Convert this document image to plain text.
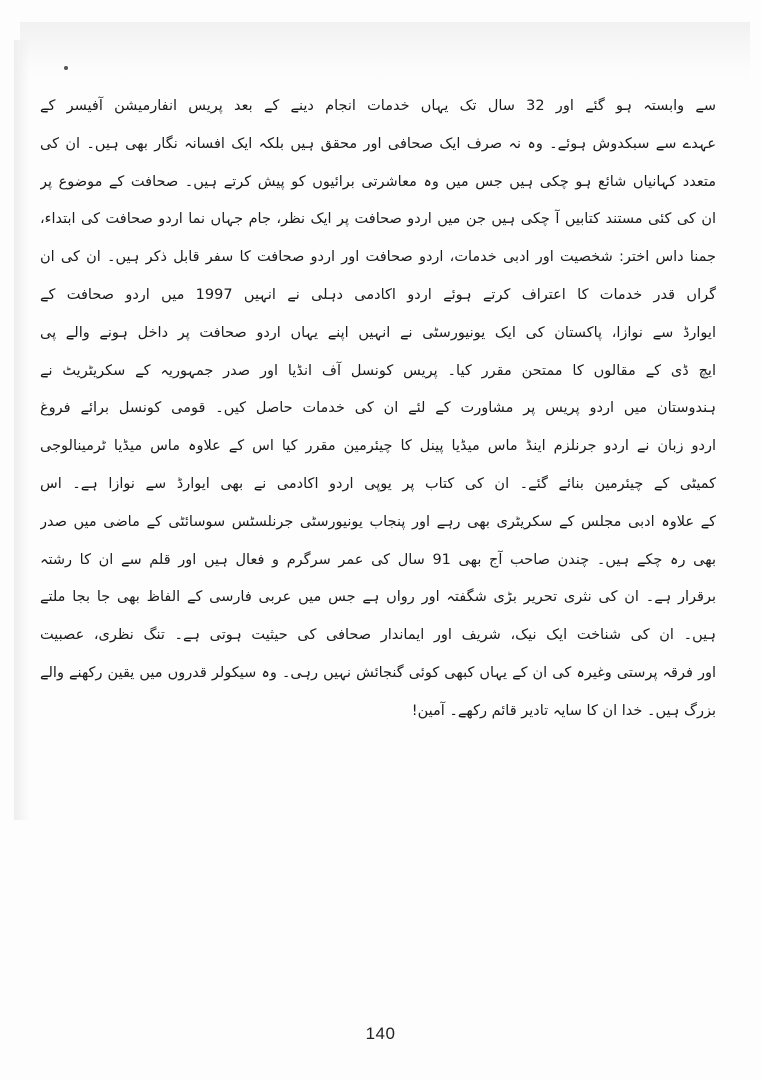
سے وابستہ ہو گئے اور 32 سال تک یہاں خدمات انجام دینے کے بعد پریس انفارمیشن آفیسر کے
عہدے سے سبکدوش ہوئے۔ وہ نہ صرف ایک صحافی اور محقق ہیں بلکہ ایک افسانہ نگار بھی ہیں۔ ان کی
متعدد کہانیاں شائع ہو چکی ہیں جس میں وہ معاشرتی برائیوں کو پیش کرتے ہیں۔ صحافت کے موضوع پر
ان کی کئی مستند کتابیں آ چکی ہیں جن میں اردو صحافت پر ایک نظر، جام جہاں نما اردو صحافت کی ابتداء،
جمنا داس اختر: شخصیت اور ادبی خدمات، اردو صحافت اور اردو صحافت کا سفر قابل ذکر ہیں۔ ان کی ان
گراں قدر خدمات کا اعتراف کرتے ہوئے اردو اکادمی دہلی نے انہیں 1997 میں اردو صحافت کے
ایوارڈ سے نوازا، پاکستان کی ایک یونیورسٹی نے انہیں اپنے یہاں اردو صحافت پر داخل ہونے والے پی
ایچ ڈی کے مقالوں کا ممتحن مقرر کیا۔ پریس کونسل آف انڈیا اور صدر جمہوریہ کے سکریٹریٹ نے
ہندوستان میں اردو پریس پر مشاورت کے لئے ان کی خدمات حاصل کیں۔ قومی کونسل برائے فروغ
اردو زبان نے اردو جرنلزم اینڈ ماس میڈیا پینل کا چیئرمین مقرر کیا اس کے علاوہ ماس میڈیا ٹرمینالوجی
کمیٹی کے چیئرمین بنائے گئے۔ ان کی کتاب پر یوپی اردو اکادمی نے بھی ایوارڈ سے نوازا ہے۔ اس
کے علاوہ ادبی مجلس کے سکریٹری بھی رہے اور پنجاب یونیورسٹی جرنلسٹس سوسائٹی کے ماضی میں صدر
بھی رہ چکے ہیں۔ چندن صاحب آج بھی 91 سال کی عمر سرگرم و فعال ہیں اور قلم سے ان کا رشتہ
برقرار ہے۔ ان کی نثری تحریر بڑی شگفتہ اور رواں ہے جس میں عربی فارسی کے الفاظ بھی جا بجا ملتے
ہیں۔ ان کی شناخت ایک نیک، شریف اور ایماندار صحافی کی حیثیت ہوتی ہے۔ تنگ نظری، عصبیت
اور فرقہ پرستی وغیرہ کی ان کے یہاں کبھی کوئی گنجائش نہیں رہی۔ وہ سیکولر قدروں میں یقین رکھنے والے
بزرگ ہیں۔ خدا ان کا سایہ تادیر قائم رکھے۔ آمین!
140
